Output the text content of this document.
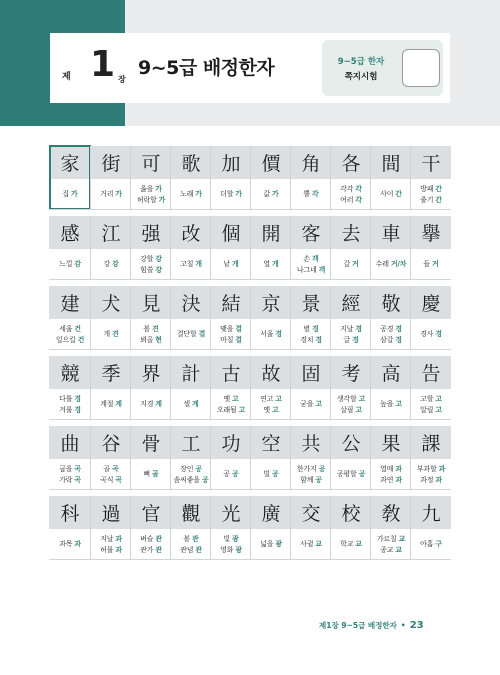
제 1 장
9~5급 배정한자	9~5급 한자
쪽지시험
家
집 가
街
거리 가
可
옳을 가
허락할 가
歌
노래 가
加
더할 가
價
값 가
角
뿔 각
各
각각 각
여러 각
間
사이 간
干
방패 간
줄기 간
感
느낄 감
江
강 강
强
강할 강
힘쓸 강
改
고칠 개
個
낱 개
開
열 개
客
손 객
나그네 객
去
갈 거
車
수레 거/차
擧
들 거
建
세울 건
일으킬 건
犬
개 견
見
볼 견
뵈올 현
決
결단할 결
結
맺을 결
마칠 결
京
서울 경
景
볕 경
경치 경
經
지날 경
글 경
敬
공경 경
삼갈 경
慶
경사 경
競
다툴 경
겨룰 경
季
계절 계
界
지경 계
計
셀 계
古
옛 고
오래될 고
故
연고 고
옛 고
固
굳을 고
考
생각할 고
살필 고
高
높을 고
告
고할 고
알릴 고
曲
굽을 곡
가락 곡
谷
골 곡
곡식 곡
骨
뼈 골
工
장인 공
솜씨좋을 공
功
공 공
空
빌 공
共
한가지 공
함께 공
公
공평할 공
果
열매 과
과연 과
課
부과할 과
과정 과
科
과목 과
過
지날 과
허물 과
官
벼슬 관
관가 관
觀
볼 관
관념 관
光
빛 광
영화 광
廣
넓을 광
交
사귈 교
校
학교 교
敎
가르칠 교
종교 교
九
아홉 구
제1장 9~5급 배정한자 • 23
